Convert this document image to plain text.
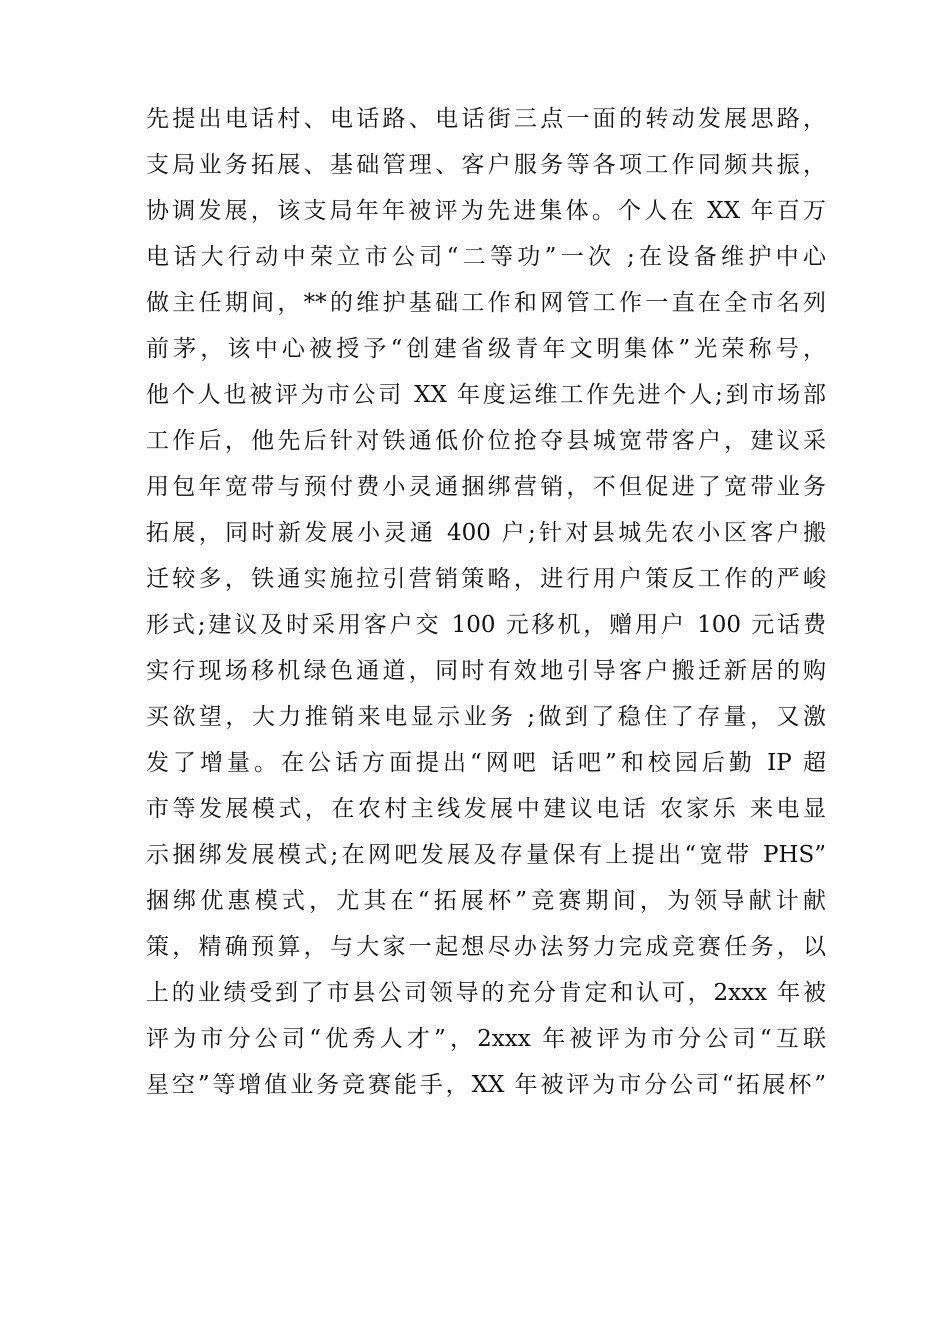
先提出电话村、电话路、电话街三点一面的转动发展思路，
支局业务拓展、基础管理、客户服务等各项工作同频共振，
协调发展，该支局年年被评为先进集体。个人在 XX 年百万
电话大行动中荣立市公司“二等功”一次 ;在设备维护中心
做主任期间，**的维护基础工作和网管工作一直在全市名列
前茅，该中心被授予“创建省级青年文明集体”光荣称号，
他个人也被评为市公司 XX 年度运维工作先进个人;到市场部
工作后，他先后针对铁通低价位抢夺县城宽带客户，建议采
用包年宽带与预付费小灵通捆绑营销，不但促进了宽带业务
拓展，同时新发展小灵通 400 户;针对县城先农小区客户搬
迁较多，铁通实施拉引营销策略，进行用户策反工作的严峻
形式;建议及时采用客户交 100 元移机，赠用户 100 元话费
实行现场移机绿色通道，同时有效地引导客户搬迁新居的购
买欲望，大力推销来电显示业务 ;做到了稳住了存量，又激
发了增量。在公话方面提出“网吧 话吧”和校园后勤 IP 超
市等发展模式，在农村主线发展中建议电话 农家乐 来电显
示捆绑发展模式;在网吧发展及存量保有上提出“宽带 PHS”
捆绑优惠模式，尤其在“拓展杯”竞赛期间，为领导献计献
策，精确预算，与大家一起想尽办法努力完成竞赛任务，以
上的业绩受到了市县公司领导的充分肯定和认可，2xxx 年被
评为市分公司“优秀人才”，2xxx 年被评为市分公司“互联
星空”等增值业务竞赛能手，XX 年被评为市分公司“拓展杯”
